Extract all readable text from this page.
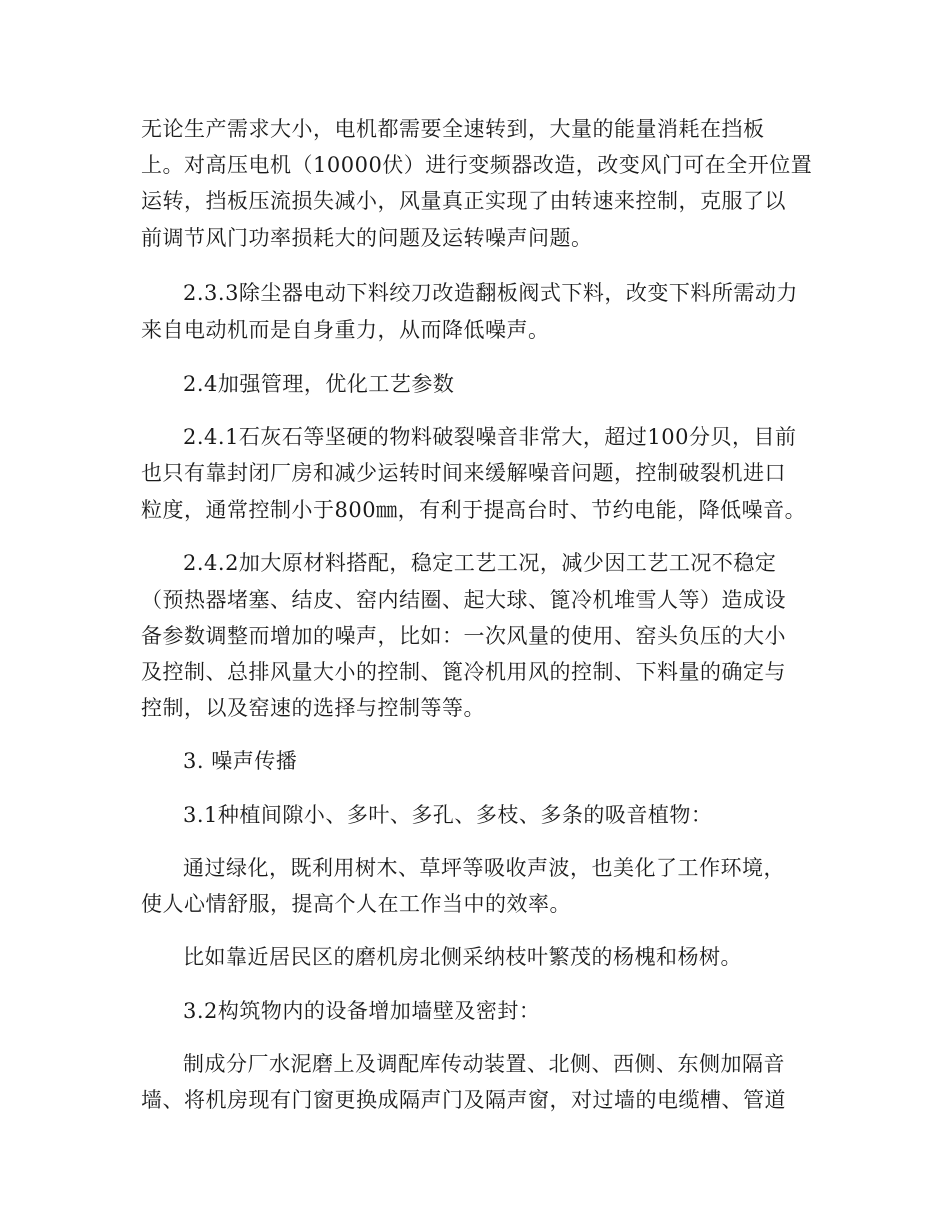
无论生产需求大小，电机都需要全速转到，大量的能量消耗在挡板
上。对高压电机（10000伏）进行变频器改造，改变风门可在全开位置
运转，挡板压流损失减小，风量真正实现了由转速来控制，克服了以
前调节风门功率损耗大的问题及运转噪声问题。
2.3.3除尘器电动下料绞刀改造翻板阀式下料，改变下料所需动力
来自电动机而是自身重力，从而降低噪声。
2.4加强管理，优化工艺参数
2.4.1石灰石等坚硬的物料破裂噪音非常大，超过100分贝，目前
也只有靠封闭厂房和减少运转时间来缓解噪音问题，控制破裂机进口
粒度，通常控制小于800㎜，有利于提高台时、节约电能，降低噪音。
2.4.2加大原材料搭配，稳定工艺工况，减少因工艺工况不稳定
（预热器堵塞、结皮、窑内结圈、起大球、篦冷机堆雪人等）造成设
备参数调整而增加的噪声，比如：一次风量的使用、窑头负压的大小
及控制、总排风量大小的控制、篦冷机用风的控制、下料量的确定与
控制，以及窑速的选择与控制等等。
3. 噪声传播
3.1种植间隙小、多叶、多孔、多枝、多条的吸音植物：
通过绿化，既利用树木、草坪等吸收声波，也美化了工作环境，
使人心情舒服，提高个人在工作当中的效率。
比如靠近居民区的磨机房北侧采纳枝叶繁茂的杨槐和杨树。
3.2构筑物内的设备增加墙壁及密封：
制成分厂水泥磨上及调配库传动装置、北侧、西侧、东侧加隔音
墙、将机房现有门窗更换成隔声门及隔声窗，对过墙的电缆槽、管道
